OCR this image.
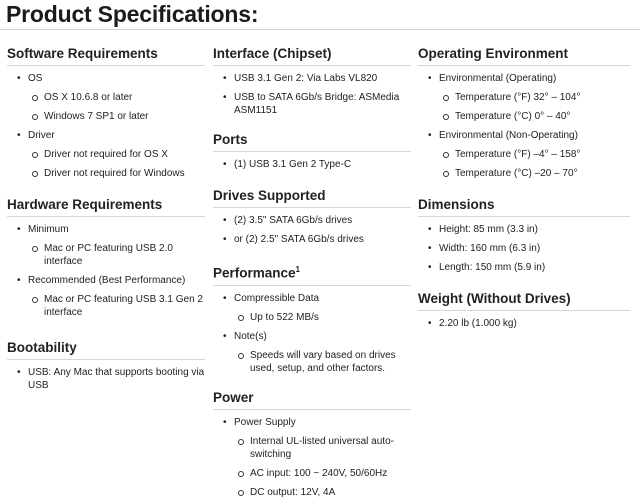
Product Specifications:
Software Requirements
• OS
OS X 10.6.8 or later
Windows 7 SP1 or later
• Driver
Driver not required for OS X
Driver not required for Windows
Hardware Requirements
• Minimum
Mac or PC featuring USB 2.0 interface
• Recommended (Best Performance)
Mac or PC featuring USB 3.1 Gen 2 interface
Bootability
• USB: Any Mac that supports booting via USB
Interface (Chipset)
• USB 3.1 Gen 2: Via Labs VL820
• USB to SATA 6Gb/s Bridge: ASMedia ASM1151
Ports
• (1) USB 3.1 Gen 2 Type-C
Drives Supported
• (2) 3.5" SATA 6Gb/s drives
• or (2) 2.5" SATA 6Gb/s drives
Performance$^1$
• Compressible Data
Up to 522 MB/s
• Note(s)
Speeds will vary based on drives used, setup, and other factors.
Power
• Power Supply
Internal UL-listed universal auto-switching
AC input: 100 ~ 240V, 50/60Hz
DC output: 12V, 4A
Operating Environment
• Environmental (Operating)
Temperature (°F) 32° – 104°
Temperature (°C) 0° – 40°
• Environmental (Non-Operating)
Temperature (°F) –4° – 158°
Temperature (°C) –20 – 70°
Dimensions
• Height: 85 mm (3.3 in)
• Width: 160 mm (6.3 in)
• Length: 150 mm (5.9 in)
Weight (Without Drives)
• 2.20 lb (1.000 kg)
